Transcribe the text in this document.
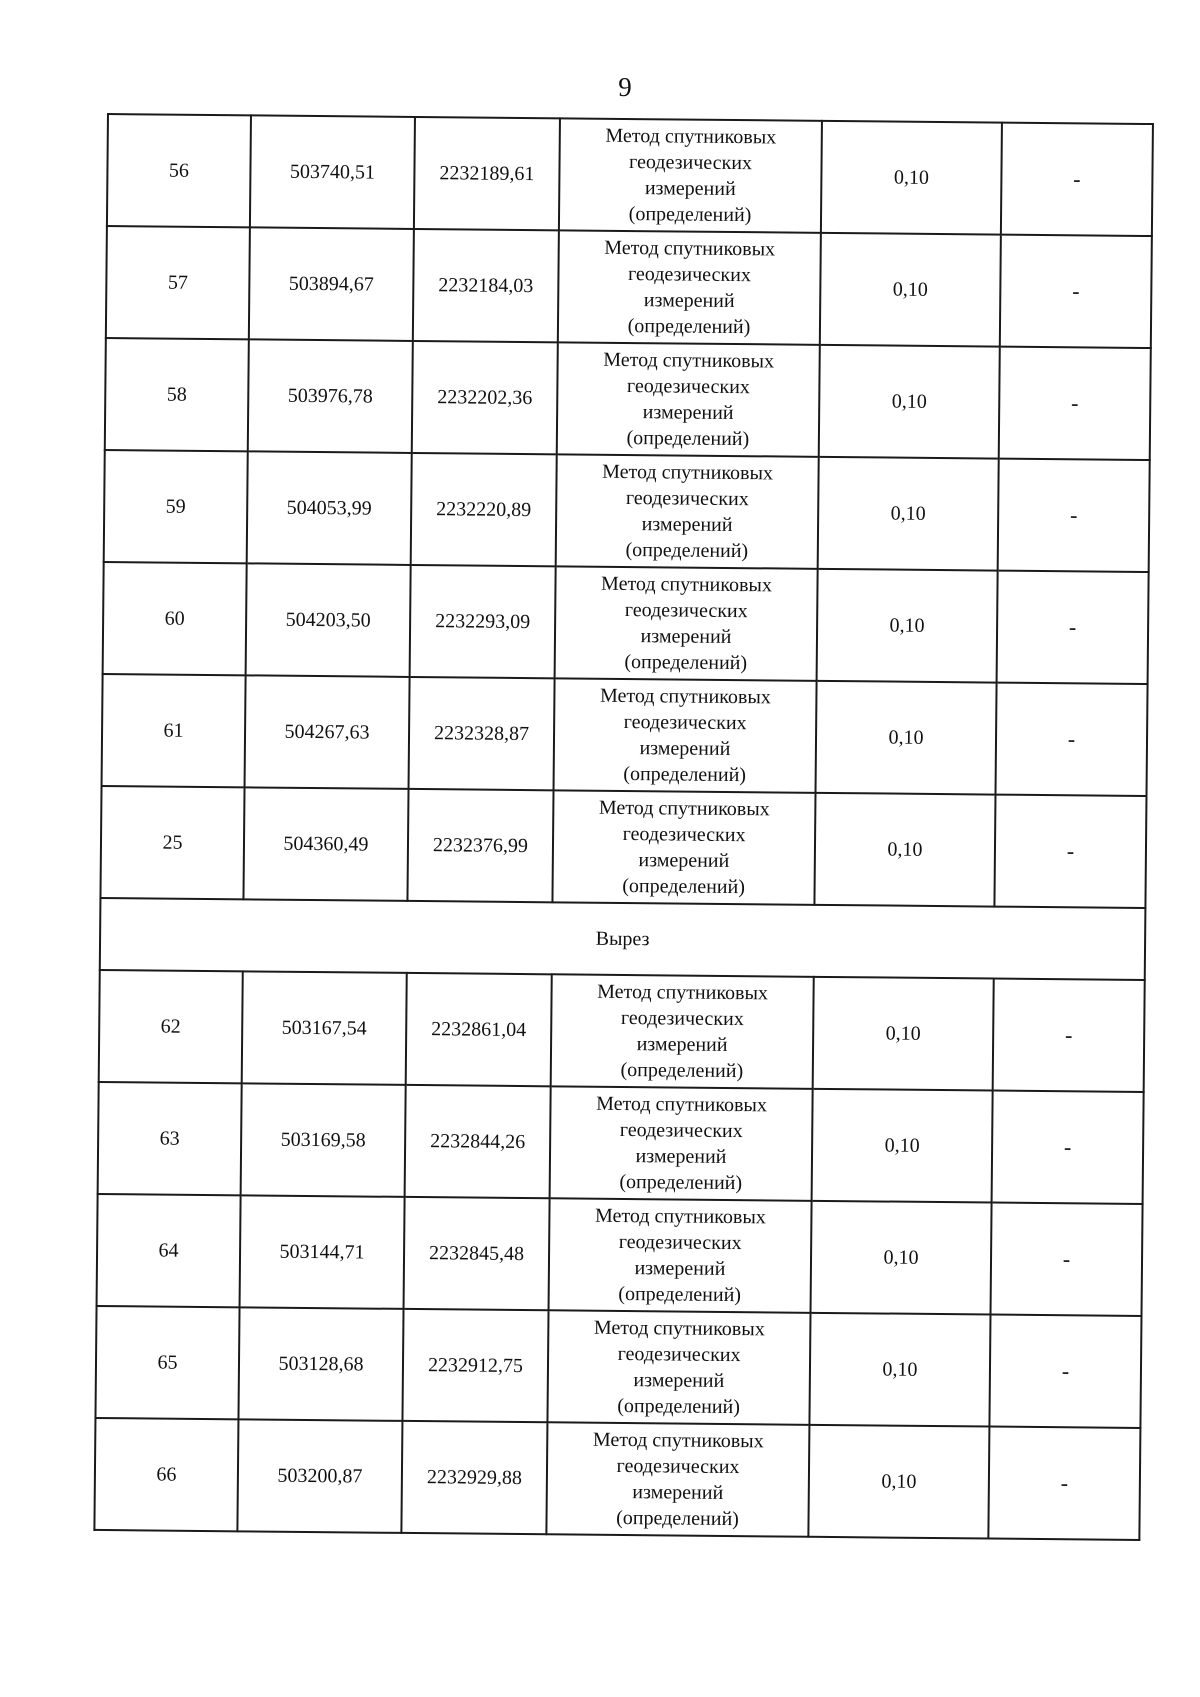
9
56	503740,51	2232189,61	Метод спутниковых
геодезических
измерений
(определений)	0,10	-
57	503894,67	2232184,03	Метод спутниковых
геодезических
измерений
(определений)	0,10	-
58	503976,78	2232202,36	Метод спутниковых
геодезических
измерений
(определений)	0,10	-
59	504053,99	2232220,89	Метод спутниковых
геодезических
измерений
(определений)	0,10	-
60	504203,50	2232293,09	Метод спутниковых
геодезических
измерений
(определений)	0,10	-
61	504267,63	2232328,87	Метод спутниковых
геодезических
измерений
(определений)	0,10	-
25	504360,49	2232376,99	Метод спутниковых
геодезических
измерений
(определений)	0,10	-
Вырез					
62	503167,54	2232861,04	Метод спутниковых
геодезических
измерений
(определений)	0,10	-
63	503169,58	2232844,26	Метод спутниковых
геодезических
измерений
(определений)	0,10	-
64	503144,71	2232845,48	Метод спутниковых
геодезических
измерений
(определений)	0,10	-
65	503128,68	2232912,75	Метод спутниковых
геодезических
измерений
(определений)	0,10	-
66	503200,87	2232929,88	Метод спутниковых
геодезических
измерений
(определений)	0,10	-
